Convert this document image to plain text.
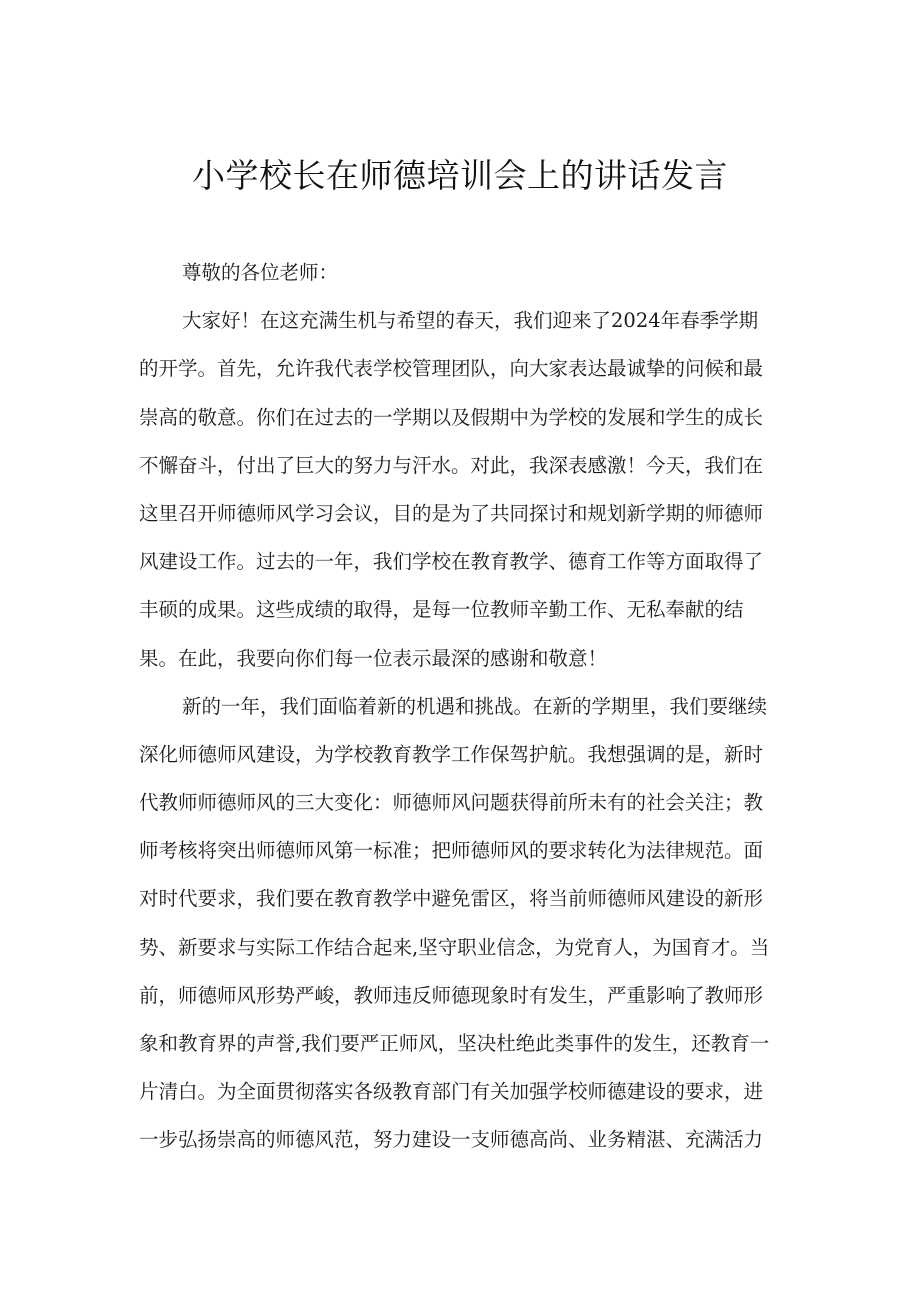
小学校长在师德培训会上的讲话发言
尊敬的各位老师：
大家好！在这充满生机与希望的春天，我们迎来了2024年春季学期
的开学。首先，允许我代表学校管理团队，向大家表达最诚挚的问候和最
崇高的敬意。你们在过去的一学期以及假期中为学校的发展和学生的成长
不懈奋斗，付出了巨大的努力与汗水。对此，我深表感激！今天，我们在
这里召开师德师风学习会议，目的是为了共同探讨和规划新学期的师德师
风建设工作。过去的一年，我们学校在教育教学、德育工作等方面取得了
丰硕的成果。这些成绩的取得，是每一位教师辛勤工作、无私奉献的结
果。在此，我要向你们每一位表示最深的感谢和敬意！
新的一年，我们面临着新的机遇和挑战。在新的学期里，我们要继续
深化师德师风建设，为学校教育教学工作保驾护航。我想强调的是，新时
代教师师德师风的三大变化：师德师风问题获得前所未有的社会关注；教
师考核将突出师德师风第一标准；把师德师风的要求转化为法律规范。面
对时代要求，我们要在教育教学中避免雷区，将当前师德师风建设的新形
势、新要求与实际工作结合起来,坚守职业信念，为党育人，为国育才。当
前，师德师风形势严峻，教师违反师德现象时有发生，严重影响了教师形
象和教育界的声誉,我们要严正师风，坚决杜绝此类事件的发生，还教育一
片清白。为全面贯彻落实各级教育部门有关加强学校师德建设的要求，进
一步弘扬崇高的师德风范，努力建设一支师德高尚、业务精湛、充满活力
